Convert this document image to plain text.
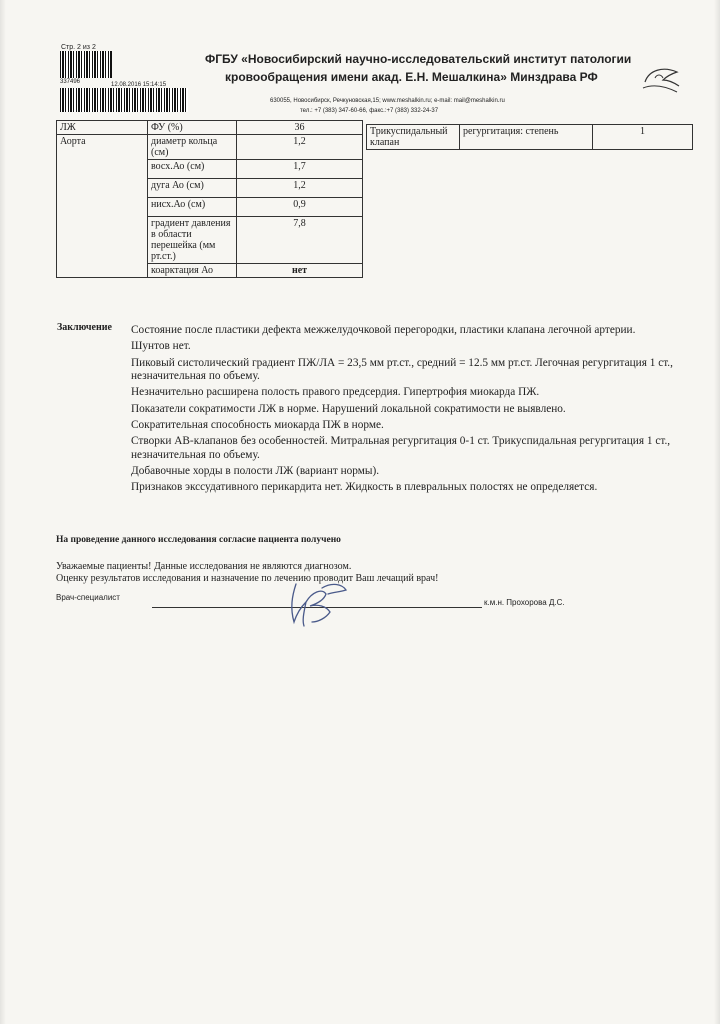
Стр. 2 из 2
337496	12.08.2016 15:14:15
ФГБУ «Новосибирский научно-исследовательский институт патологии
кровообращения имени акад. Е.Н. Мешалкина» Минздрава РФ
630055, Новосибирск, Речкуновская,15; www.meshalkin.ru; e-mail: mail@meshalkin.ru
тел.: +7 (383) 347-60-66, факс.:+7 (383) 332-24-37
ЛЖ	ФУ (%)	36
Аорта	диаметр кольца (см)	1,2
	восх.Ао (см)	1,7
	дуга Ао (см)	1,2
	нисх.Ао (см)	0,9
	градиент давления в области перешейка (мм рт.ст.)	7,8
	коарктация Ао	нет
Трикуспидальный клапан	регургитация: степень	1
Заключение Состояние после пластики дефекта межжелудочковой перегородки, пластики клапана легочной артерии.

Шунтов нет.

Пиковый систолический градиент ПЖ/ЛА = 23,5 мм рт.ст., средний = 12.5 мм рт.ст. Легочная регургитация 1 ст., незначительная по объему.

Незначительно расширена полость правого предсердия. Гипертрофия миокарда ПЖ.

Показатели сократимости ЛЖ в норме. Нарушений локальной сократимости не выявлено.

Сократительная способность миокарда ПЖ в норме.

Створки АВ-клапанов без особенностей. Митральная регургитация 0-1 ст. Трикуспидальная регургитация 1 ст., незначительная по объему.

Добавочные хорды в полости ЛЖ (вариант нормы).

Признаков экссудативного перикардита нет. Жидкость в плевральных полостях не определяется.

На проведение данного исследования согласие пациента получено
Уважаемые пациенты! Данные исследования не являются диагнозом.
Оценку результатов исследования и назначение по лечению проводит Ваш лечащий врач!
Врач-специалист
к.м.н. Прохорова Д.С.
